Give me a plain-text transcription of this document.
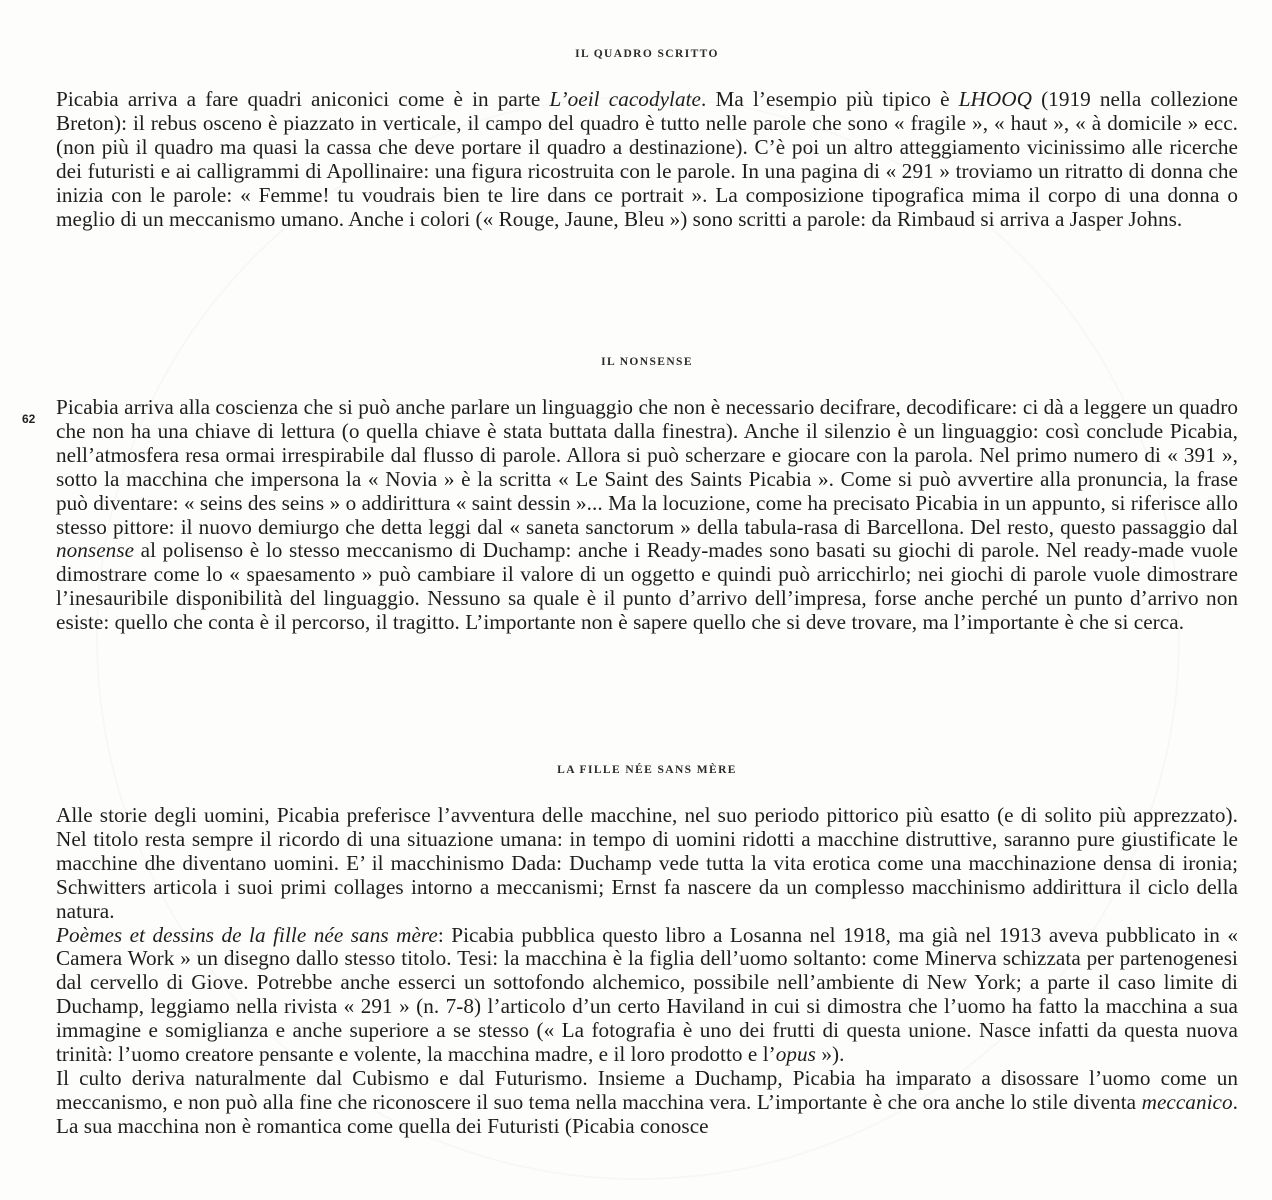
62
IL QUADRO SCRITTO

Picabia arriva a fare quadri aniconici come è in parte L’oeil cacodylate. Ma l’esempio più tipico è LHOOQ (1919 nella collezione Breton): il rebus osceno è piazzato in verticale, il campo del quadro è tutto nelle parole che sono « fragile », « haut », « à domicile » ecc. (non più il quadro ma quasi la cassa che deve portare il quadro a destinazione). C’è poi un altro atteggiamento vicinissimo alle ricerche dei futuristi e ai calligrammi di Apollinaire: una figura ricostruita con le parole. In una pagina di « 291 » troviamo un ritratto di donna che inizia con le parole: « Femme! tu voudrais bien te lire dans ce portrait ». La composizione tipografica mima il corpo di una donna o meglio di un meccanismo umano. Anche i colori (« Rouge, Jaune, Bleu ») sono scritti a parole: da Rimbaud si arriva a Jasper Johns.

IL NONSENSE

Picabia arriva alla coscienza che si può anche parlare un linguaggio che non è necessario decifrare, decodificare: ci dà a leggere un quadro che non ha una chiave di lettura (o quella chiave è stata buttata dalla finestra). Anche il silenzio è un linguaggio: così conclude Picabia, nell’atmosfera resa ormai irrespirabile dal flusso di parole. Allora si può scherzare e giocare con la parola. Nel primo numero di « 391 », sotto la macchina che impersona la « Novia » è la scritta « Le Saint des Saints Picabia ». Come si può avvertire alla pronuncia, la frase può diventare: « seins des seins » o addirittura « saint dessin »... Ma la locuzione, come ha precisato Picabia in un appunto, si riferisce allo stesso pittore: il nuovo demiurgo che detta leggi dal « saneta sanctorum » della tabula-rasa di Barcellona. Del resto, questo passaggio dal nonsense al polisenso è lo stesso meccanismo di Duchamp: anche i Ready-mades sono basati su giochi di parole. Nel ready-made vuole dimostrare come lo « spaesamento » può cambiare il valore di un oggetto e quindi può arricchirlo; nei giochi di parole vuole dimostrare l’inesauribile disponibilità del linguaggio. Nessuno sa quale è il punto d’arrivo dell’impresa, forse anche perché un punto d’arrivo non esiste: quello che conta è il percorso, il tragitto. L’importante non è sapere quello che si deve trovare, ma l’importante è che si cerca.

LA FILLE NÉE SANS MÈRE

Alle storie degli uomini, Picabia preferisce l’avventura delle macchine, nel suo periodo pittorico più esatto (e di solito più apprezzato). Nel titolo resta sempre il ricordo di una situazione umana: in tempo di uomini ridotti a macchine distruttive, saranno pure giustificate le macchine dhe diventano uomini. E’ il macchinismo Dada: Duchamp vede tutta la vita erotica come una macchinazione densa di ironia; Schwitters articola i suoi primi collages intorno a meccanismi; Ernst fa nascere da un complesso macchinismo addirittura il ciclo della natura.

Poèmes et dessins de la fille née sans mère: Picabia pubblica questo libro a Losanna nel 1918, ma già nel 1913 aveva pubblicato in « Camera Work » un disegno dallo stesso titolo. Tesi: la macchina è la figlia dell’uomo soltanto: come Minerva schizzata per partenogenesi dal cervello di Giove. Potrebbe anche esserci un sottofondo alchemico, possibile nell’ambiente di New York; a parte il caso limite di Duchamp, leggiamo nella rivista « 291 » (n. 7-8) l’articolo d’un certo Haviland in cui si dimostra che l’uomo ha fatto la macchina a sua immagine e somiglianza e anche superiore a se stesso (« La fotografia è uno dei frutti di questa unione. Nasce infatti da questa nuova trinità: l’uomo creatore pensante e volente, la macchina madre, e il loro prodotto e l’opus »).

Il culto deriva naturalmente dal Cubismo e dal Futurismo. Insieme a Duchamp, Picabia ha imparato a disossare l’uomo come un meccanismo, e non può alla fine che riconoscere il suo tema nella macchina vera. L’importante è che ora anche lo stile diventa meccanico. La sua macchina non è romantica come quella dei Futuristi (Picabia conosce
